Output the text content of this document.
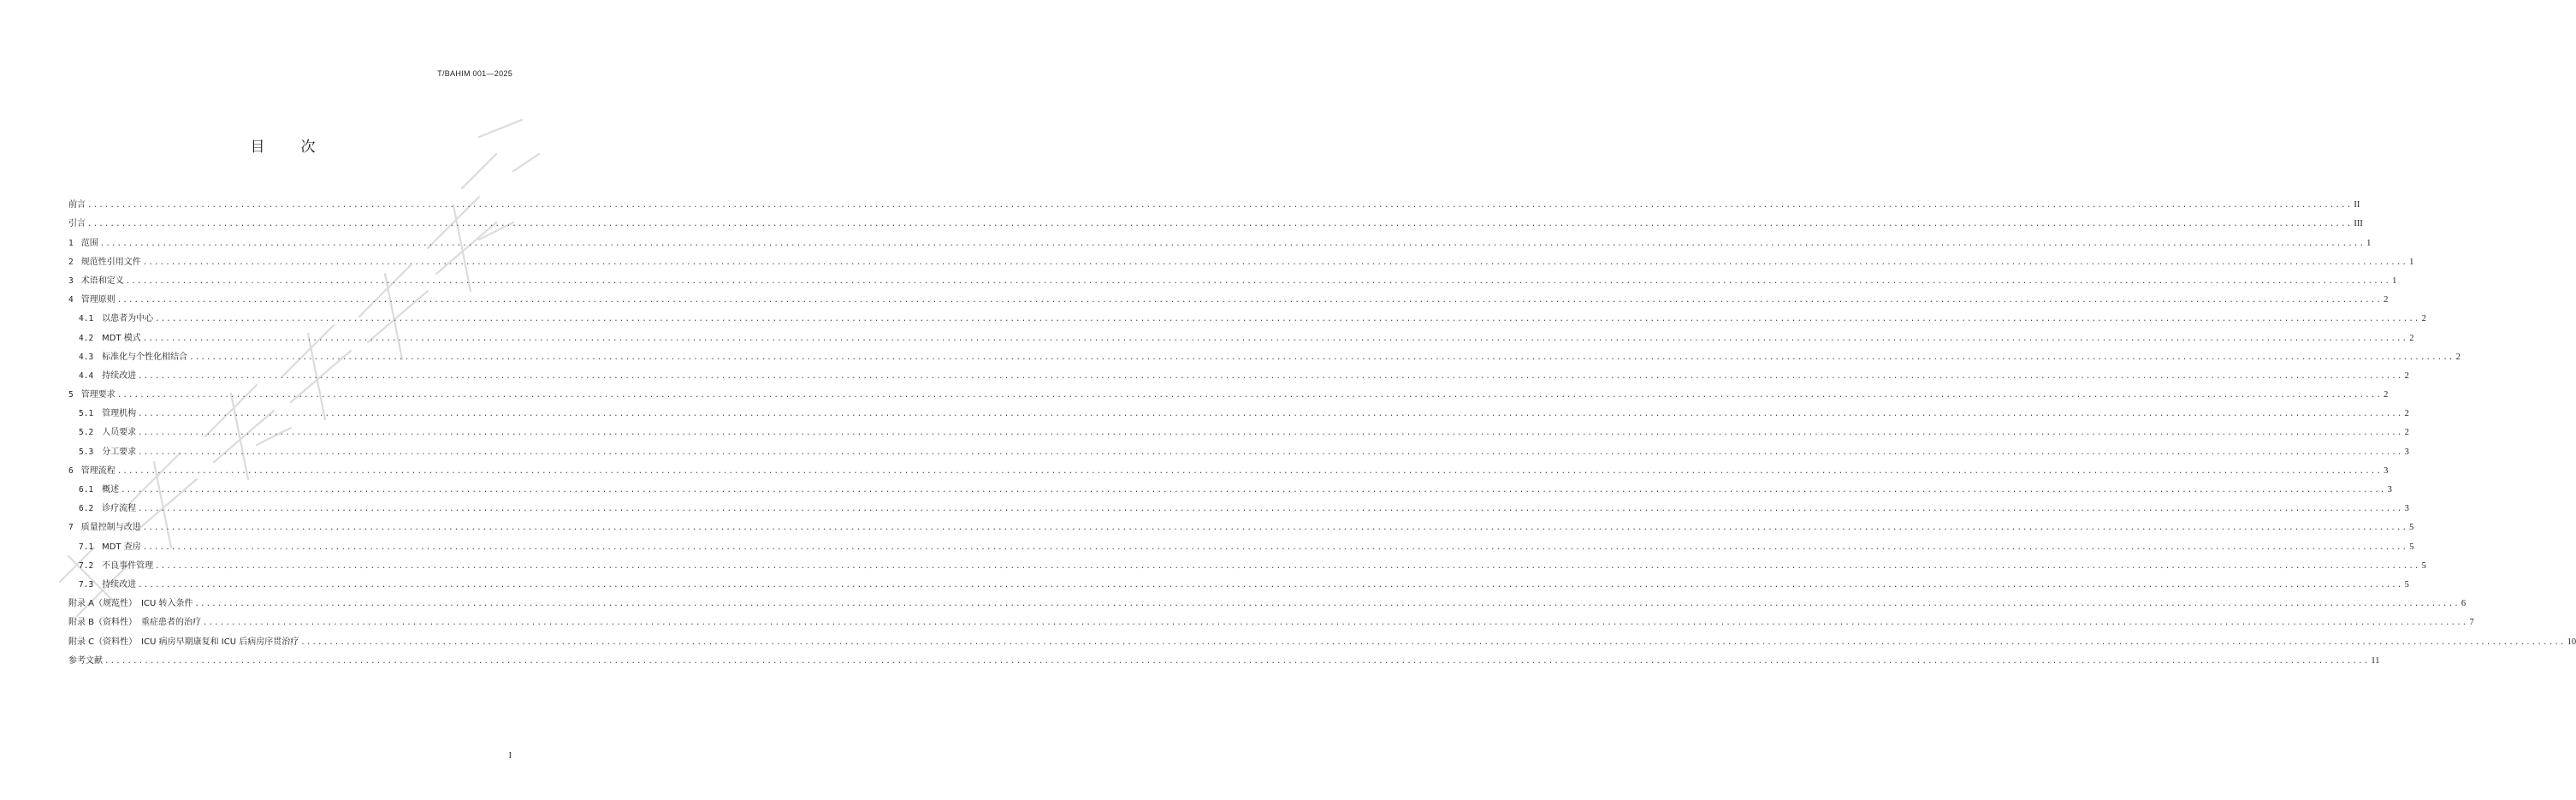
T/BAHIM 001—2025
目 次
前言 ................................................................................................................................................................................................................................................................................................................................................................................................................ II
引言 ................................................................................................................................................................................................................................................................................................................................................................................................................ III
1 范围 ................................................................................................................................................................................................................................................................................................................................................................................................................ 1
2 规范性引用文件 ................................................................................................................................................................................................................................................................................................................................................................................................................ 1
3 术语和定义 ................................................................................................................................................................................................................................................................................................................................................................................................................ 1
4 管理原则 ................................................................................................................................................................................................................................................................................................................................................................................................................ 2
4.1 以患者为中心 ................................................................................................................................................................................................................................................................................................................................................................................................................ 2
4.2 MDT 模式 ................................................................................................................................................................................................................................................................................................................................................................................................................ 2
4.3 标准化与个性化相结合 ................................................................................................................................................................................................................................................................................................................................................................................................................ 2
4.4 持续改进 ................................................................................................................................................................................................................................................................................................................................................................................................................ 2
5 管理要求 ................................................................................................................................................................................................................................................................................................................................................................................................................ 2
5.1 管理机构 ................................................................................................................................................................................................................................................................................................................................................................................................................ 2
5.2 人员要求 ................................................................................................................................................................................................................................................................................................................................................................................................................ 2
5.3 分工要求 ................................................................................................................................................................................................................................................................................................................................................................................................................ 3
6 管理流程 ................................................................................................................................................................................................................................................................................................................................................................................................................ 3
6.1 概述 ................................................................................................................................................................................................................................................................................................................................................................................................................ 3
6.2 诊疗流程 ................................................................................................................................................................................................................................................................................................................................................................................................................ 3
7 质量控制与改进 ................................................................................................................................................................................................................................................................................................................................................................................................................ 5
7.1 MDT 查房 ................................................................................................................................................................................................................................................................................................................................................................................................................ 5
7.2 不良事件管理 ................................................................................................................................................................................................................................................................................................................................................................................................................ 5
7.3 持续改进 ................................................................................................................................................................................................................................................................................................................................................................................................................ 5
附录 A（规范性）　ICU 转入条件 ................................................................................................................................................................................................................................................................................................................................................................................................................ 6
附录 B（资料性）　重症患者的治疗 ................................................................................................................................................................................................................................................................................................................................................................................................................ 7
附录 C（资料性）　ICU 病房早期康复和 ICU 后病房序贯治疗 ................................................................................................................................................................................................................................................................................................................................................................................................................ 10
参考文献 ................................................................................................................................................................................................................................................................................................................................................................................................................ 11
I
